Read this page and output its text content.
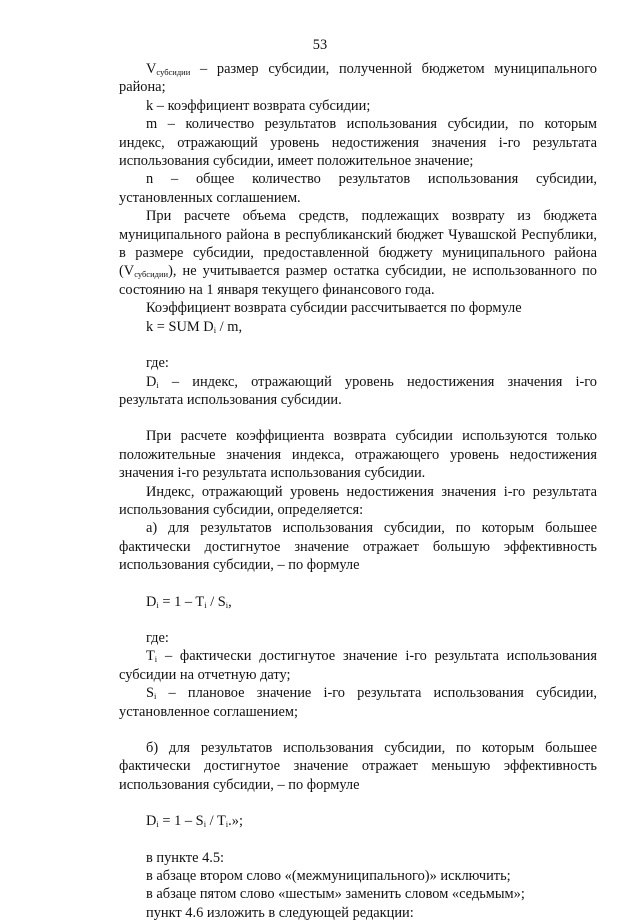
53

$V_{субсидии}$ – размер субсидии, полученной бюджетом муниципального района;

k – коэффициент возврата субсидии;

m – количество результатов использования субсидии, по которым индекс, отражающий уровень недостижения значения i-го результата использования субсидии, имеет положительное значение;

n – общее количество результатов использования субсидии, установленных соглашением.

При расчете объема средств, подлежащих возврату из бюджета муниципального района в республиканский бюджет Чувашской Республики, в размере субсидии, предоставленной бюджету муниципального района $(V_{субсидии})$, не учитывается размер остатка субсидии, не использованного по состоянию на 1 января текущего финансового года.

Коэффициент возврата субсидии рассчитывается по формуле

k = SUM $D_i$ / m,

где:

$D_i$ – индекс, отражающий уровень недостижения значения i-го результата использования субсидии.

При расчете коэффициента возврата субсидии используются только положительные значения индекса, отражающего уровень недостижения значения i-го результата использования субсидии.

Индекс, отражающий уровень недостижения значения i-го результата использования субсидии, определяется:

а) для результатов использования субсидии, по которым большее фактически достигнутое значение отражает большую эффективность использования субсидии, – по формуле

$D_i = 1 - T_i / S_i$,

где:

$T_i$ – фактически достигнутое значение i-го результата использования субсидии на отчетную дату;

$S_i$ – плановое значение i-го результата использования субсидии, установленное соглашением;

б) для результатов использования субсидии, по которым большее фактически достигнутое значение отражает меньшую эффективность использования субсидии, – по формуле

$D_i = 1 - S_i / T_i$.»;

в пункте 4.5:

в абзаце втором слово «(межмуниципального)» исключить;

в абзаце пятом слово «шестым» заменить словом «седьмым»;

пункт 4.6 изложить в следующей редакции:
